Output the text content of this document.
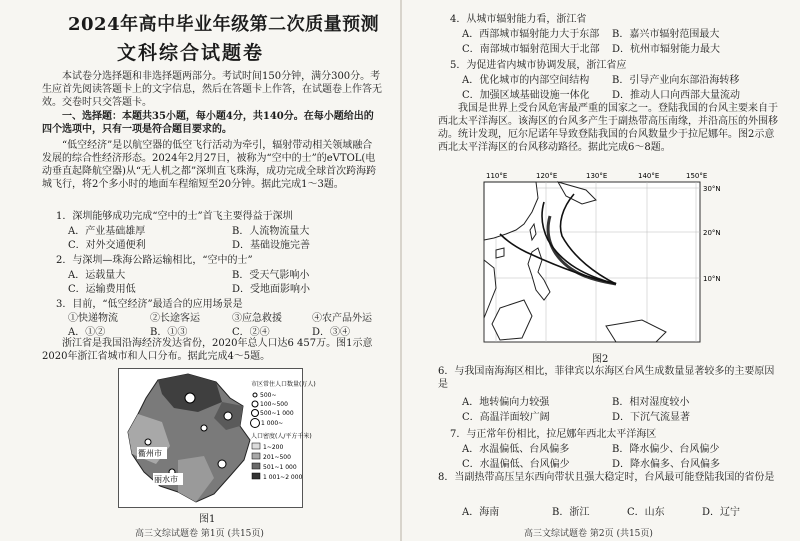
2024年高中毕业年级第二次质量预测
文科综合试题卷
本试卷分选择题和非选择题两部分。考试时间150分钟，满分300分。考生应首先阅读答题卡上的文字信息，然后在答题卡上作答，在试题卷上作答无效。交卷时只交答题卡。
一、选择题：本题共35小题，每小题4分，共140分。在每小题给出的四个选项中，只有一项是符合题目要求的。
“低空经济”是以航空器的低空飞行活动为牵引，辐射带动相关领域融合发展的综合性经济形态。2024年2月27日，被称为“空中的士”的eVTOL(电动垂直起降航空器)从“无人机之都”深圳直飞珠海，成功完成全球首次跨海跨城飞行，将2个多小时的地面车程缩短至20分钟。据此完成1～3题。
1．深圳能够成功完成“空中的士”首飞主要得益于深圳
A．产业基础雄厚	B．人流物流量大
C．对外交通便利	D．基础设施完善
2．与深圳—珠海公路运输相比，“空中的士”
A．运载量大	B．受天气影响小
C．运输费用低	D．受地面影响小
3．目前，“低空经济”最适合的应用场景是
①快递物流	②长途客运	③应急救援	④农产品外运
A．①②	B．①③	C．②④	D．③④
浙江省是我国沿海经济发达省份，2020年总人口达6 457万。图1示意2020年浙江省城市和人口分布。据此完成4～5题。
衢州市
丽水市
市区常住人口数量(万人)
500~
100~500
500~1 000
1 000~
人口密度(人/平方千米)
1~200
201~500
501~1 000
1 001~2 000
图1
高三文综试题卷 第1页 (共15页)
4．从城市辐射能力看，浙江省
A．西部城市辐射能力大于东部 B．嘉兴市辐射范围最大
C．南部城市辐射范围大于北部 D．杭州市辐射能力最大
5．为促进省内城市协调发展，浙江省应
A．优化城市的内部空间结构 B．引导产业向东部沿海转移
C．加强区域基础设施一体化 D．推动人口向西部大量流动
我国是世界上受台风危害最严重的国家之一。登陆我国的台风主要来自于西北太平洋海区。该海区的台风多产生于副热带高压南缘，并沿高压的外围移动。统计发现，厄尔尼诺年导致登陆我国的台风数量少于拉尼娜年。图2示意西北太平洋海区的台风移动路径。据此完成6～8题。
110°E	120°E	130°E	140°E	150°E
30°N
20°N
10°N
图2
6．与我国南海海区相比，菲律宾以东海区台风生成数量显著较多的主要原因是
A．地转偏向力较强	B．相对湿度较小
C．高温洋面较广阔	D．下沉气流显著
7．与正常年份相比，拉尼娜年西北太平洋海区
A．水温偏低、台风偏多	B．降水偏少、台风偏少
C．水温偏低、台风偏少	D．降水偏多、台风偏多
8．当副热带高压呈东西向带状且强大稳定时，台风最可能登陆我国的省份是
A．海南	B．浙江	C．山东	D．辽宁
高三文综试题卷 第2页 (共15页)
